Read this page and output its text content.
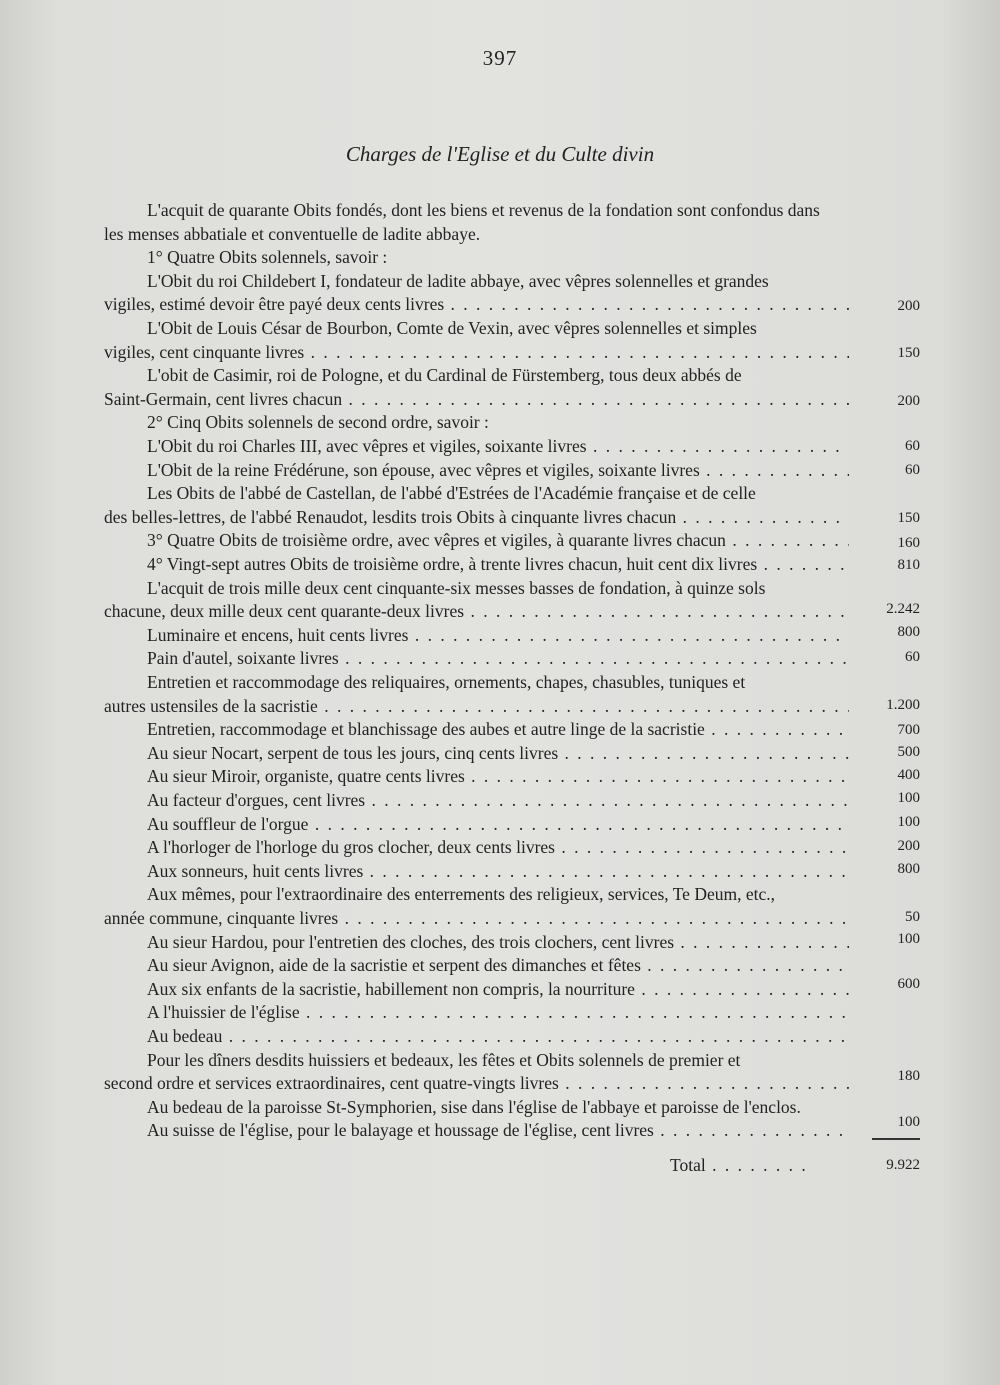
397
Charges de l'Eglise et du Culte divin
L'acquit de quarante Obits fondés, dont les biens et revenus de la fondation sont confondus dans
les menses abbatiale et conventuelle de ladite abbaye.
1° Quatre Obits solennels, savoir :
L'Obit du roi Childebert I, fondateur de ladite abbaye, avec vêpres solennelles et grandes
vigiles, estimé devoir être payé deux cents livres . . .
L'Obit de Louis César de Bourbon, Comte de Vexin, avec vêpres solennelles et simples
vigiles, cent cinquante livres . . .
L'obit de Casimir, roi de Pologne, et du Cardinal de Fürstemberg, tous deux abbés de
Saint-Germain, cent livres chacun . . .
2° Cinq Obits solennels de second ordre, savoir :
L'Obit du roi Charles III, avec vêpres et vigiles, soixante livres . . .
L'Obit de la reine Frédérune, son épouse, avec vêpres et vigiles, soixante livres . . .
Les Obits de l'abbé de Castellan, de l'abbé d'Estrées de l'Académie française et de celle
des belles-lettres, de l'abbé Renaudot, lesdits trois Obits à cinquante livres chacun . . .
3° Quatre Obits de troisième ordre, avec vêpres et vigiles, à quarante livres chacun . . .
4° Vingt-sept autres Obits de troisième ordre, à trente livres chacun, huit cent dix livres . . .
L'acquit de trois mille deux cent cinquante-six messes basses de fondation, à quinze sols
chacune, deux mille deux cent quarante-deux livres . . .
Luminaire et encens, huit cents livres . . .
Pain d'autel, soixante livres . . .
Entretien et raccommodage des reliquaires, ornements, chapes, chasubles, tuniques et
autres ustensiles de la sacristie . . .
Entretien, raccommodage et blanchissage des aubes et autre linge de la sacristie . . .
Au sieur Nocart, serpent de tous les jours, cinq cents livres . . .
Au sieur Miroir, organiste, quatre cents livres . . .
Au facteur d'orgues, cent livres . . .
Au souffleur de l'orgue . . .
A l'horloger de l'horloge du gros clocher, deux cents livres . . .
Aux sonneurs, huit cents livres . . .
Aux mêmes, pour l'extraordinaire des enterrements des religieux, services, Te Deum, etc.,
année commune, cinquante livres . . .
Au sieur Hardou, pour l'entretien des cloches, des trois clochers, cent livres . . .
Au sieur Avignon, aide de la sacristie et serpent des dimanches et fêtes . . .
Aux six enfants de la sacristie, habillement non compris, la nourriture . . .
A l'huissier de l'église . . .
Au bedeau . . .
Pour les dîners desdits huissiers et bedeaux, les fêtes et Obits solennels de premier et
second ordre et services extraordinaires, cent quatre-vingts livres . . .
Au bedeau de la paroisse St-Symphorien, sise dans l'église de l'abbaye et paroisse de l'enclos.
Au suisse de l'église, pour le balayage et houssage de l'église, cent livres . . .
200
150
200
60
60
150
160
810
2.242
800
60
1.200
700
500
400
100
100
200
800
50
100
600
180
100
Total . . .	9.922
